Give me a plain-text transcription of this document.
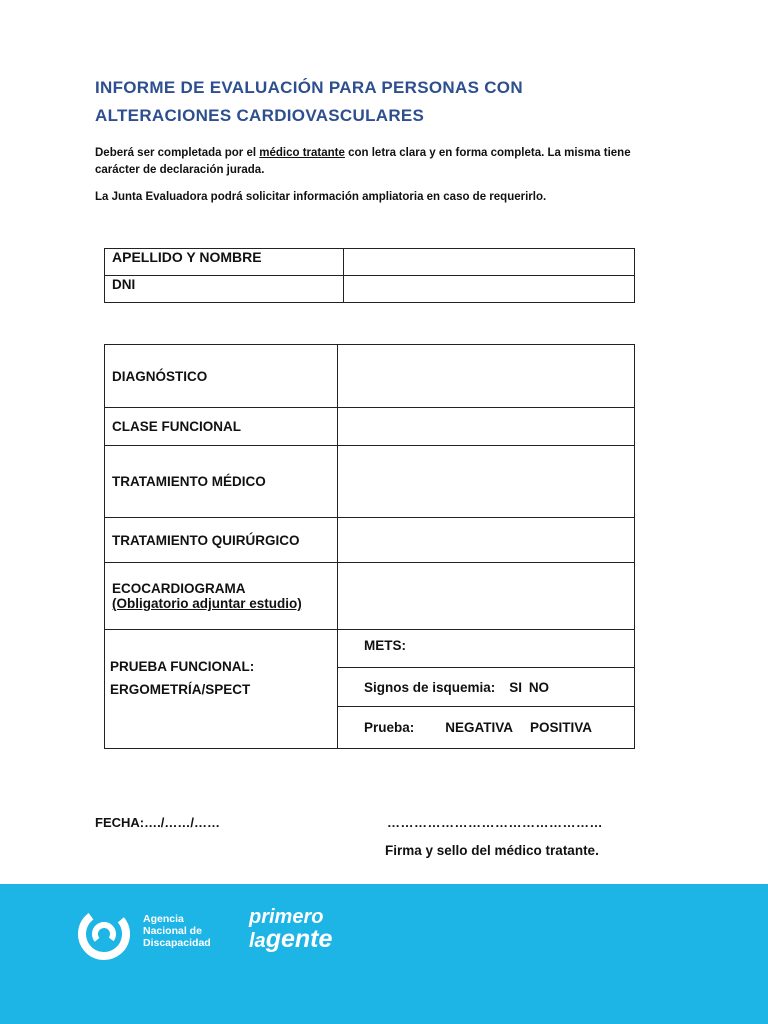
INFORME DE EVALUACIÓN PARA PERSONAS CON
ALTERACIONES CARDIOVASCULARES
Deberá ser completada por el médico tratante con letra clara y en forma completa. La misma tiene carácter de declaración jurada.
La Junta Evaluadora podrá solicitar información ampliatoria en caso de requerirlo.
APELLIDO Y NOMBRE	
DNI	
DIAGNÓSTICO	
CLASE FUNCIONAL	
TRATAMIENTO MÉDICO	
TRATAMIENTO QUIRÚRGICO	
ECOCARDIOGRAMA
(Obligatorio adjuntar estudio)	

PRUEBA FUNCIONAL:
ERGOMETRÍA/SPECT	METS:
	Signos de isquemia: SI NO
	Prueba: NEGATIVA POSITIVA
FECHA:…./……/……	…………………………………………
Firma y sello del médico tratante.
Agencia
Nacional de
Discapacidad
primero
lagente
